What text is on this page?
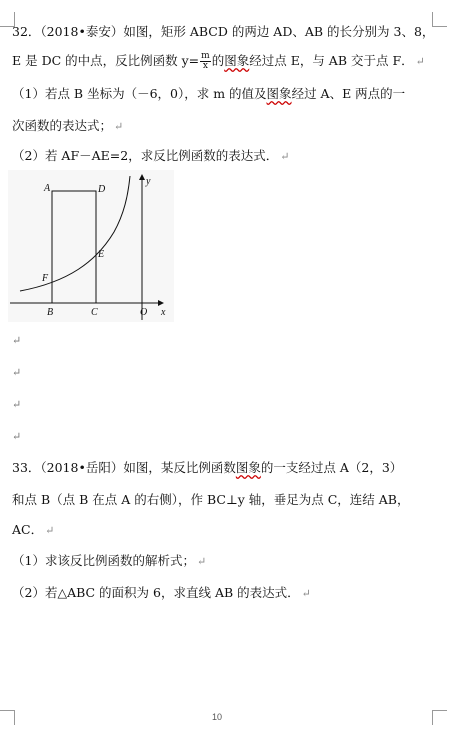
32．（2018•泰安）如图，矩形 ABCD 的两边 AD、AB 的长分别为 3、8，
E 是 DC 的中点，反比例函数 $y= \frac{m}{x}$ 的图象经过点 E，与 AB 交于点 F． ↵
（1）若点 B 坐标为（－6，0），求 m 的值及图象经过 A、E 两点的一
次函数的表达式； ↵
（2）若 AF－AE=2，求反比例函数的表达式． ↵
A	D
E
F
B	C	O x
y
↵
↵
↵
↵
33．（2018•岳阳）如图，某反比例函数图象的一支经过点 A（2，3）
和点 B（点 B 在点 A 的右侧），作 BC⊥y 轴，垂足为点 C，连结 AB，
AC． ↵
（1）求该反比例函数的解析式； ↵
（2）若△ABC 的面积为 6，求直线 AB 的表达式． ↵
10
